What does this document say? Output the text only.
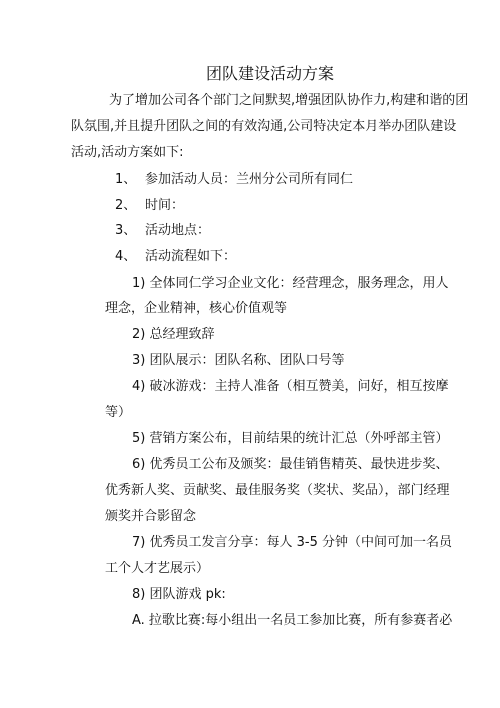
团队建设活动方案
为了增加公司各个部门之间默契,增强团队协作力,构建和谐的团
队氛围,并且提升团队之间的有效沟通,公司特决定本月举办团队建设
活动,活动方案如下:
1、 参加活动人员：兰州分公司所有同仁
2、 时间：
3、 活动地点：
4、 活动流程如下：
1) 全体同仁学习企业文化：经营理念，服务理念，用人
理念，企业精神，核心价值观等
2) 总经理致辞
3) 团队展示：团队名称、团队口号等
4) 破冰游戏：主持人准备（相互赞美，问好，相互按摩
等）
5) 营销方案公布，目前结果的统计汇总（外呼部主管）
6) 优秀员工公布及颁奖：最佳销售精英、最快进步奖、
优秀新人奖、贡献奖、最佳服务奖（奖状、奖品），部门经理
颁奖并合影留念
7) 优秀员工发言分享：每人 3-5 分钟（中间可加一名员
工个人才艺展示）
8) 团队游戏 pk:
A. 拉歌比赛:每小组出一名员工参加比赛，所有参赛者必
